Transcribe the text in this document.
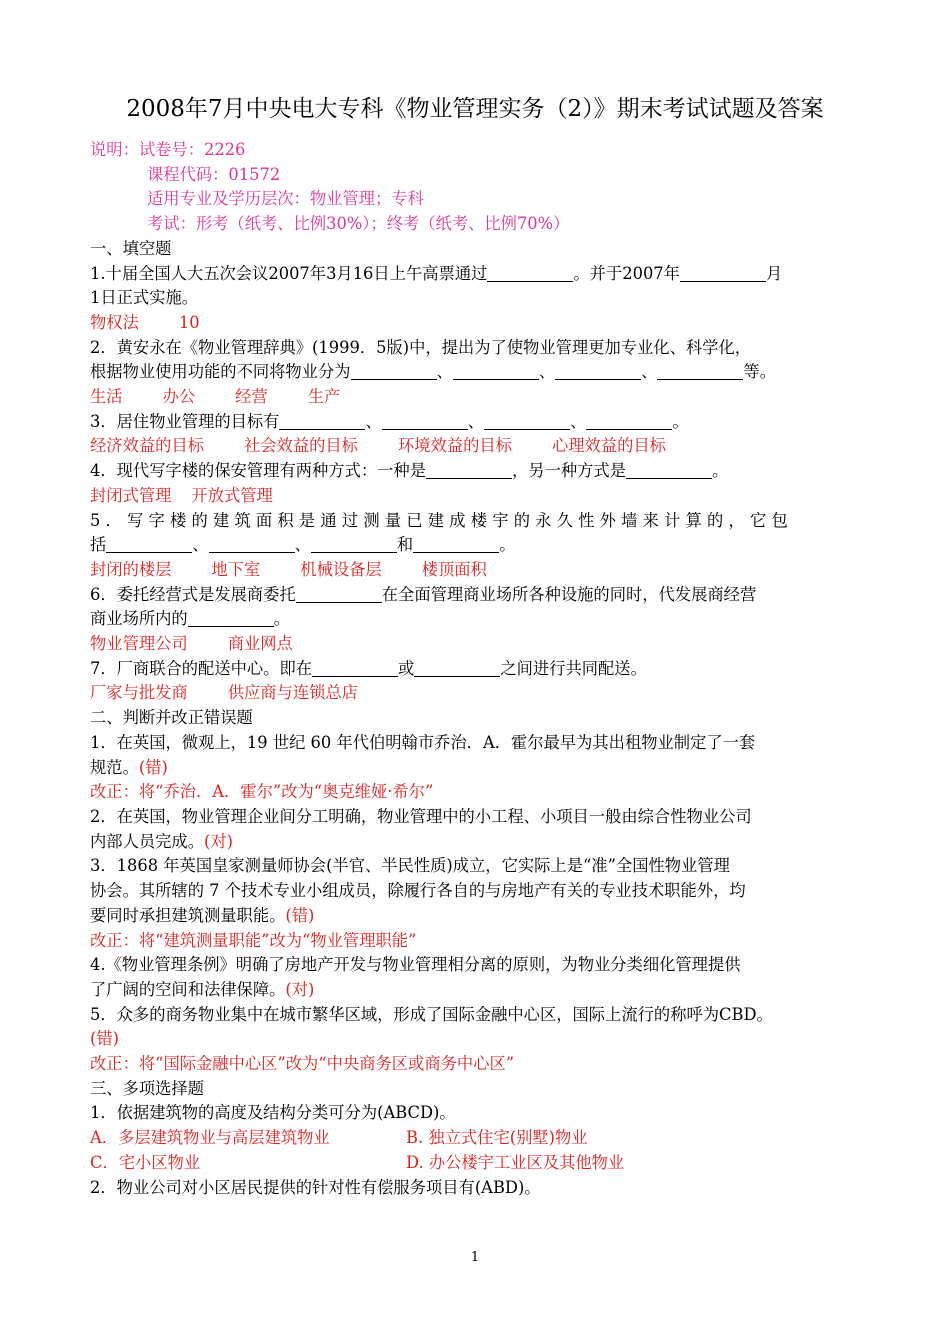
2008年7月中央电大专科《物业管理实务（2）》期末考试试题及答案
说明：试卷号：2226
课程代码：01572
适用专业及学历层次：物业管理；专科
考试：形考（纸考、比例30%）；终考（纸考、比例70%）
一、填空题
1.十届全国人大五次会议2007年3月16日上午高票通过	。并于2007年	月
1日正式实施。
物权法 10
2．黄安永在《物业管理辞典》(1999．5版)中，提出为了使物业管理更加专业化、科学化，
根据物业使用功能的不同将物业分为	、	、	、	等。
生活 办公 经营 生产
3．居住物业管理的目标有	、	、	、	。
经济效益的目标 社会效益的目标 环境效益的目标 心理效益的目标
4．现代写字楼的保安管理有两种方式：一种是	，另一种方式是	。
封闭式管理 开放式管理
5．写字楼的建筑面积是通过测量已建成楼宇的永久性外墙来计算的，它包
括	、	、	和	。
封闭的楼层 地下室 机械设备层 楼顶面积
6．委托经营式是发展商委托	在全面管理商业场所各种设施的同时，代发展商经营
商业场所内的	。
物业管理公司 商业网点
7．厂商联合的配送中心。即在	或	之间进行共同配送。
厂家与批发商 供应商与连锁总店
二、判断并改正错误题
1．在英国，微观上，19 世纪 60 年代伯明翰市乔治．A．霍尔最早为其出租物业制定了一套
规范。(错)
改正：将“乔治．A．霍尔”改为“奥克维娅·希尔”
2．在英国，物业管理企业间分工明确，物业管理中的小工程、小项目一般由综合性物业公司
内部人员完成。(对)
3．1868 年英国皇家测量师协会(半官、半民性质)成立，它实际上是“准”全国性物业管理
协会。其所辖的 7 个技术专业小组成员，除履行各自的与房地产有关的专业技术职能外，均
要同时承担建筑测量职能。(错)
改正：将“建筑测量职能”改为“物业管理职能”
4.《物业管理条例》明确了房地产开发与物业管理相分离的原则，为物业分类细化管理提供
了广阔的空间和法律保障。(对)
5．众多的商务物业集中在城市繁华区域，形成了国际金融中心区，国际上流行的称呼为CBD。
(错)
改正：将“国际金融中心区”改为“中央商务区或商务中心区”
三、多项选择题
1．依据建筑物的高度及结构分类可分为(ABCD)。
A．多层建筑物业与高层建筑物业	B. 独立式住宅(别墅)物业
C．宅小区物业	D. 办公楼宇工业区及其他物业
2．物业公司对小区居民提供的针对性有偿服务项目有(ABD)。
1
